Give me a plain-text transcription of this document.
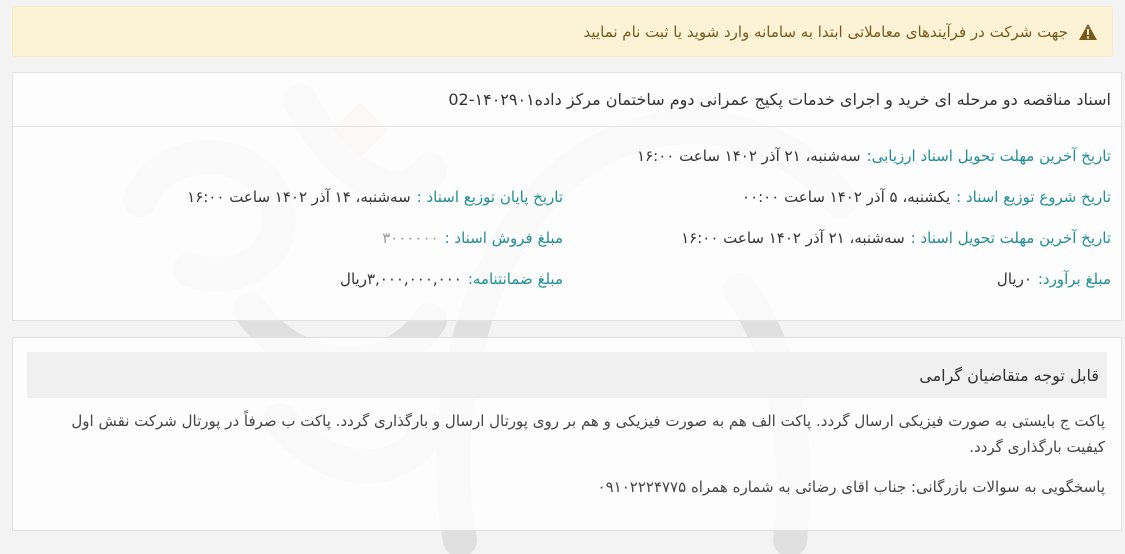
جهت شرکت در فرآیندهای معاملاتی ابتدا به سامانه وارد شوید یا ثبت نام نمایید
اسناد مناقصه دو مرحله ای خرید و اجرای خدمات پکیج عمرانی دوم ساختمان مرکز داده۱۴۰۲۹۰۱-02
تاریخ آخرین مهلت تحویل اسناد ارزیابی:
سه‌شنبه، ۲۱ آذر ۱۴۰۲ ساعت ۱۶:۰۰
تاریخ شروع توزیع اسناد :
یکشنبه، ۵ آذر ۱۴۰۲ ساعت ۰۰:۰۰
تاریخ پایان توزیع اسناد :
سه‌شنبه، ۱۴ آذر ۱۴۰۲ ساعت ۱۶:۰۰
تاریخ آخرین مهلت تحویل اسناد :
سه‌شنبه، ۲۱ آذر ۱۴۰۲ ساعت ۱۶:۰۰
مبلغ فروش اسناد :
۳۰۰۰۰۰۰
مبلغ برآورد:
۰ریال
مبلغ ضمانتنامه:
۳,۰۰۰,۰۰۰,۰۰۰ریال
قابل توجه متقاضیان گرامی

پاکت ج بایستی به صورت فیزیکی ارسال گردد. پاکت الف هم به صورت فیزیکی و هم بر روی پورتال ارسال و بارگذاری گردد. پاکت ب صرفاً در پورتال شرکت نقش اول کیفیت بارگذاری گردد.

پاسخگویی به سوالات بازرگانی: جناب اقای رضائی به شماره همراه ۰۹۱۰۲۲۲۴۷۷۵
